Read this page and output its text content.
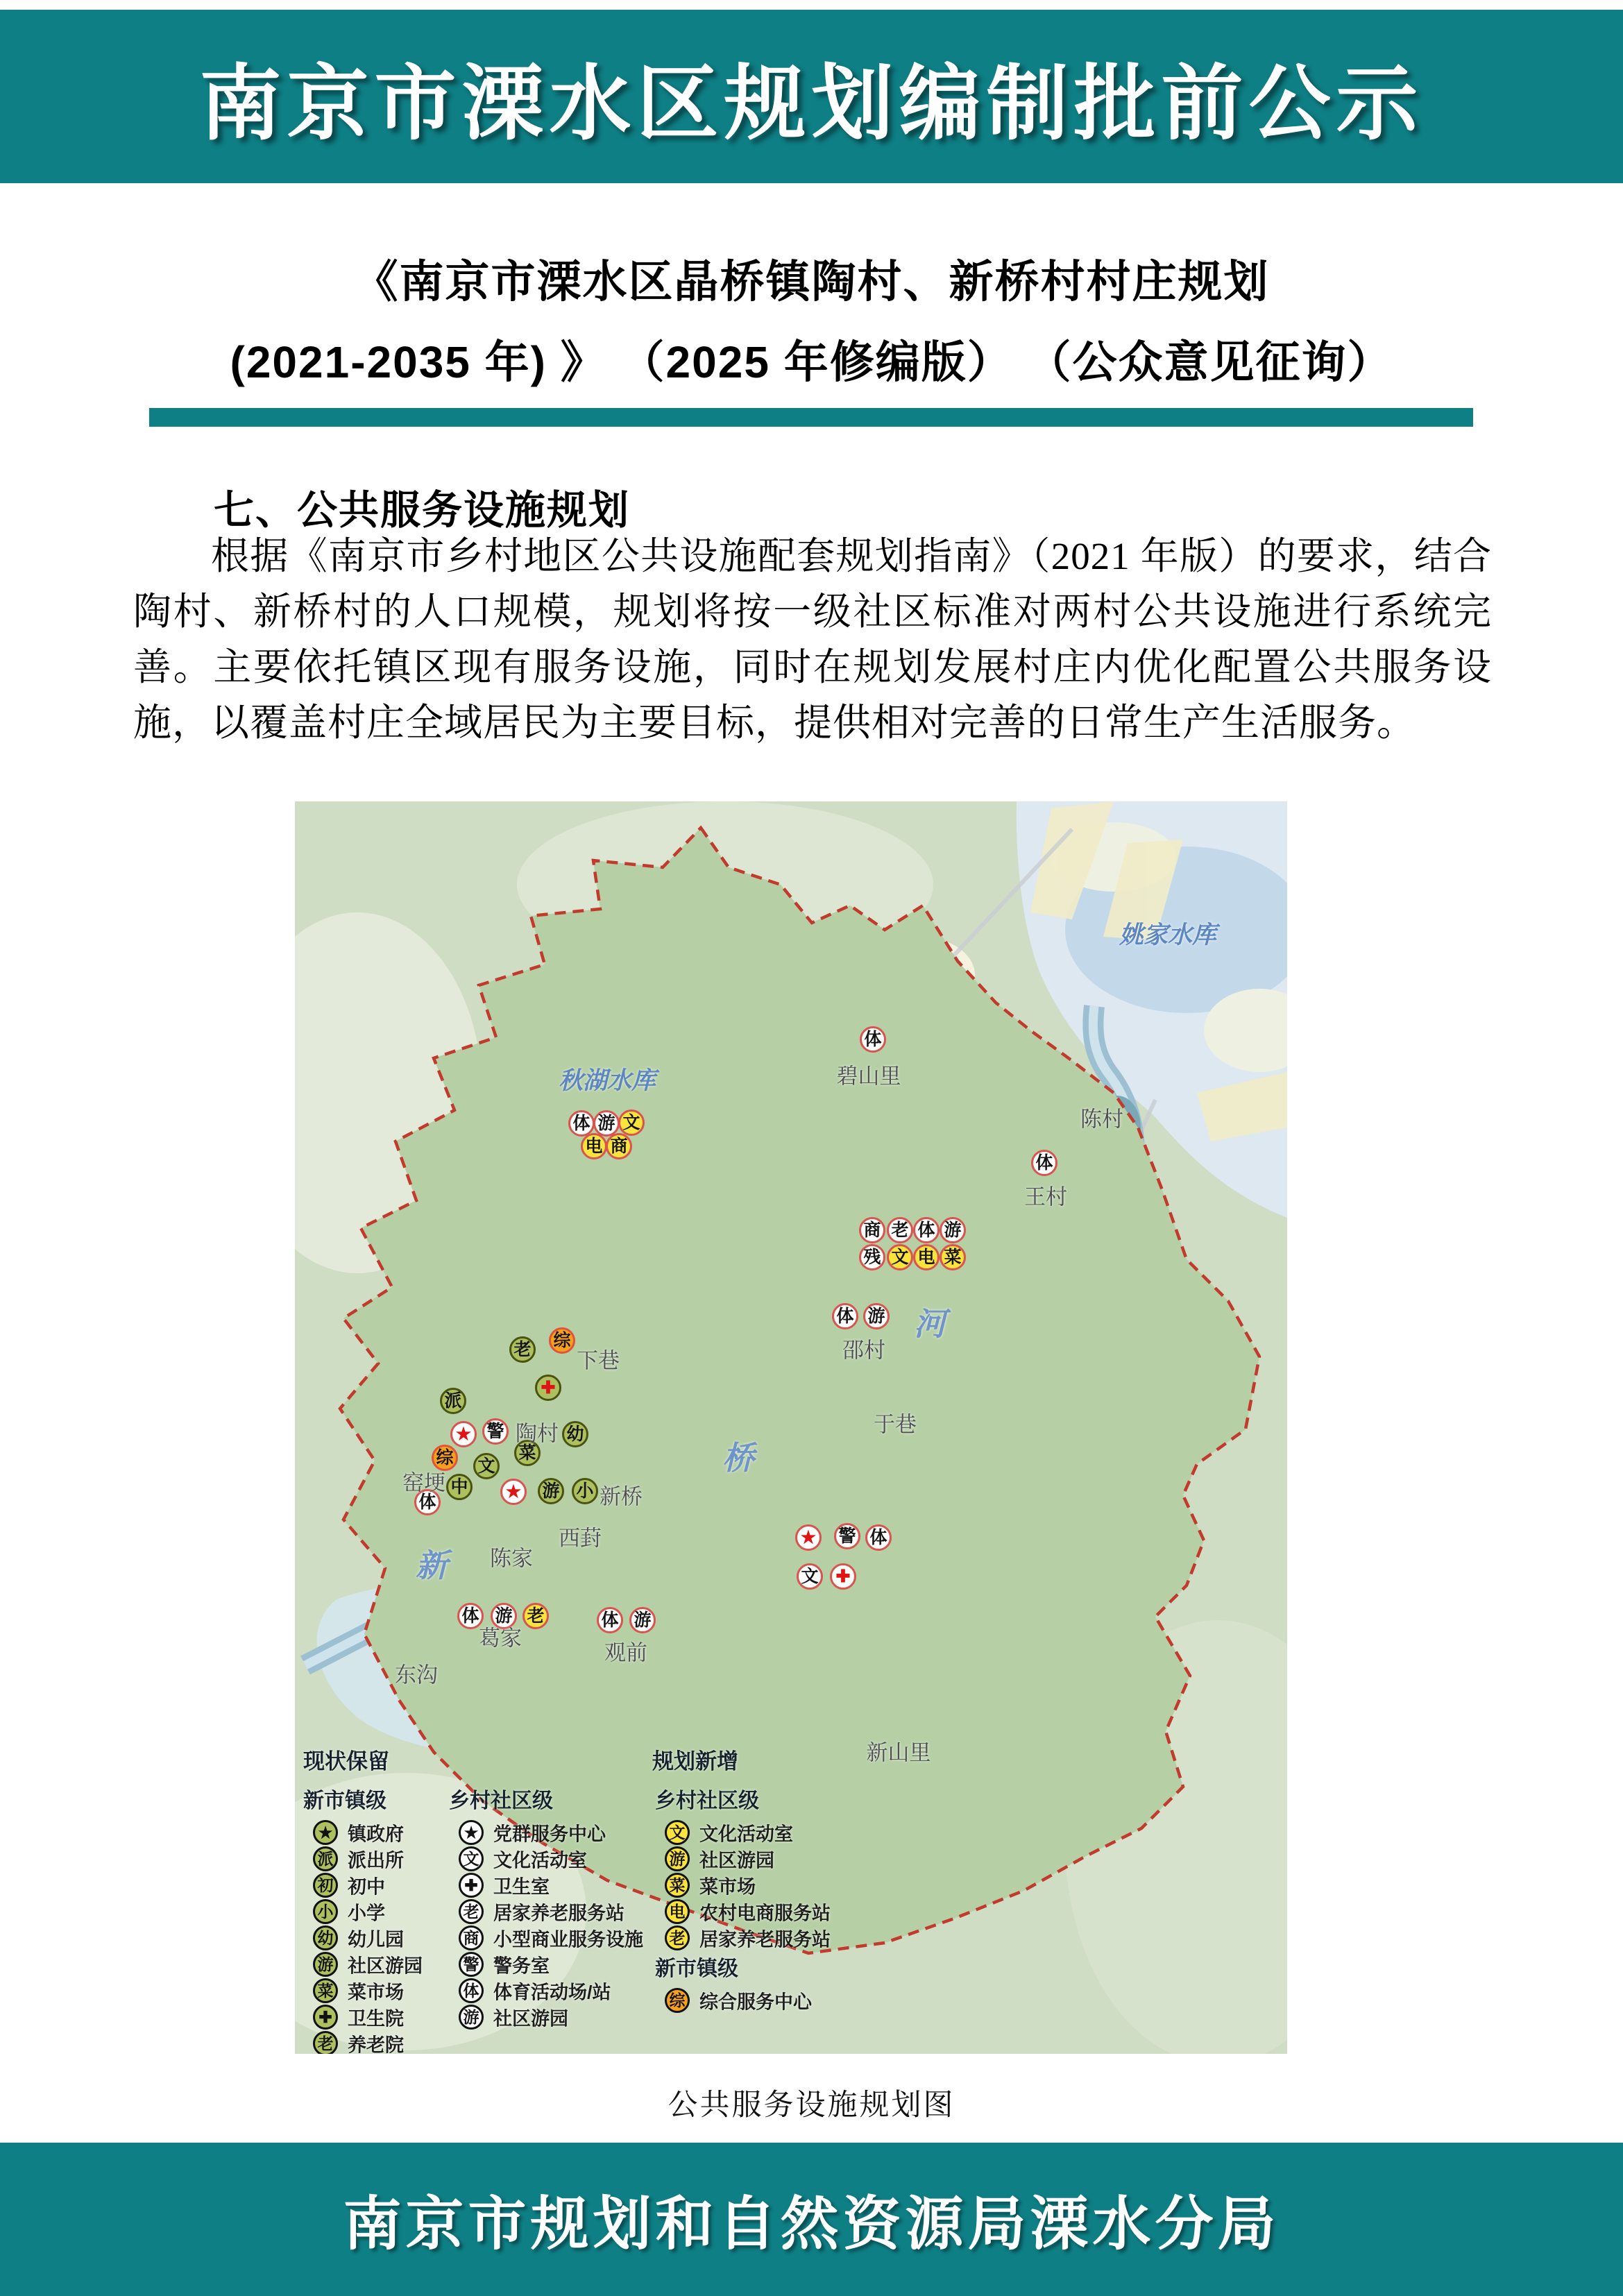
南京市溧水区规划编制批前公示
《南京市溧水区晶桥镇陶村、新桥村村庄规划
(2021-2035 年) 》 （2025 年修编版） （公众意见征询）
七、公共服务设施规划
根据《南京市乡村地区公共设施配套规划指南》（2021 年版）的要求，结合陶村、新桥村的人口规模，规划将按一级社区标准对两村公共设施进行系统完善。主要依托镇区现有服务设施，同时在规划发展村庄内优化配置公共服务设施，以覆盖村庄全域居民为主要目标，提供相对完善的日常生产生活服务。
体
体
体 游 文
电 商
商 老 体 游
残 文 电 菜
体 游
老 综
✚
派
★ 警	幼
综	菜
文
中
体
★	游 小
★	警 体
文	✚
体 游 老	体 游
秋湖水库
姚家水库
碧山里
陈村
王村
邵村
河
下巷
于巷
桥
陶村
窑埂
新桥
西葑
陈家
新
新山里
葛家
观前
东沟
现状保留	规划新增
新市镇级
★ 镇政府
派 派出所
初 初中
小 小学
幼 幼儿园
游 社区游园
菜 菜市场
✚ 卫生院
老 养老院
乡村社区级
★ 党群服务中心
文 文化活动室
✚ 卫生室
老 居家养老服务站
商 小型商业服务设施
警 警务室
体 体育活动场/站
游 社区游园
乡村社区级
文 文化活动室
游 社区游园
菜 菜市场
电 农村电商服务站
老 居家养老服务站
新市镇级
综 综合服务中心
公共服务设施规划图
南京市规划和自然资源局溧水分局
